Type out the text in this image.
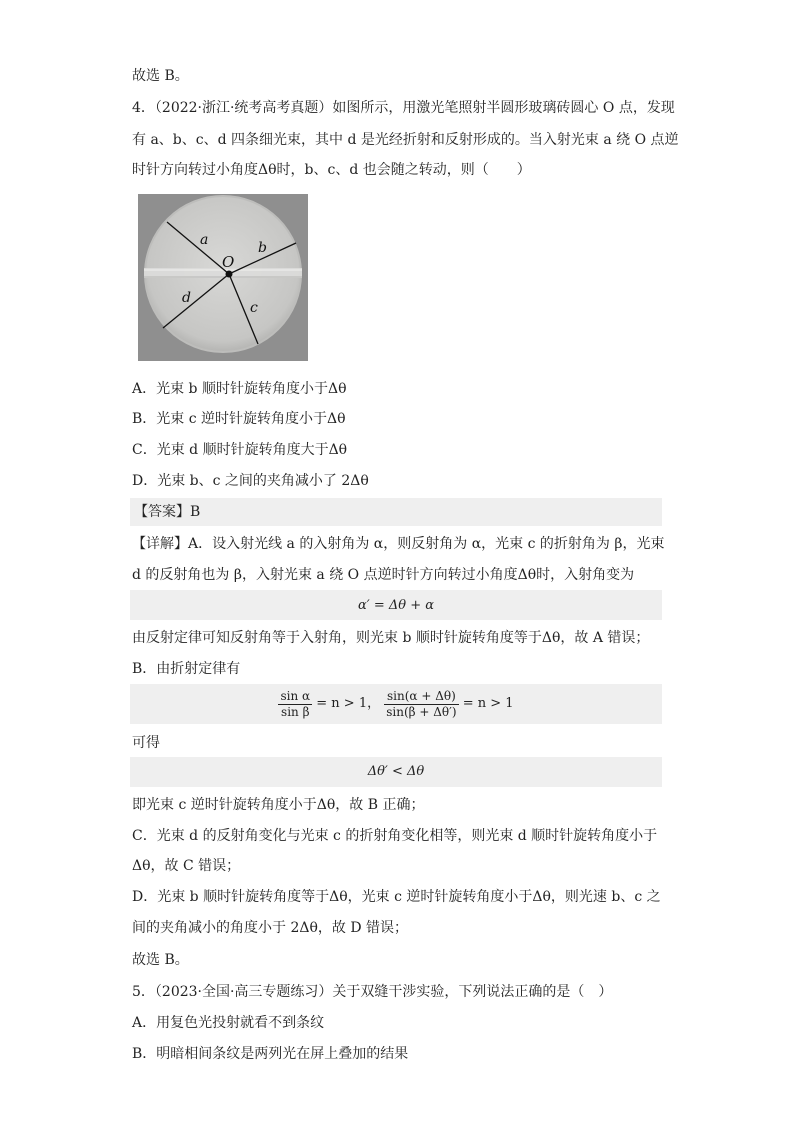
故选 B。
4．（2022·浙江·统考高考真题）如图所示，用激光笔照射半圆形玻璃砖圆心 O 点，发现
有 a、b、c、d 四条细光束，其中 d 是光经折射和反射形成的。当入射光束 a 绕 O 点逆
时针方向转过小角度Δθ时，b、c、d 也会随之转动，则（　　）
a	b
O
d
c
A．光束 b 顺时针旋转角度小于Δθ
B．光束 c 逆时针旋转角度小于Δθ
C．光束 d 顺时针旋转角度大于Δθ
D．光束 b、c 之间的夹角减小了 2Δθ
【答案】B
【详解】A．设入射光线 a 的入射角为 α，则反射角为 α，光束 c 的折射角为 β，光束
d 的反射角也为 β，入射光束 a 绕 O 点逆时针方向转过小角度Δθ时，入射角变为
α′ = Δθ + α
由反射定律可知反射角等于入射角，则光束 b 顺时针旋转角度等于Δθ，故 A 错误；
B．由折射定律有
$\frac{\text{sin α}}{\text{sin β}} = n > 1$， $\frac{\sin(\alpha + \Delta\theta)}{\sin(\beta + \Delta\theta')} = n > 1$
可得
Δθ′ < Δθ
即光束 c 逆时针旋转角度小于Δθ，故 B 正确；
C．光束 d 的反射角变化与光束 c 的折射角变化相等，则光束 d 顺时针旋转角度小于
Δθ，故 C 错误；
D．光束 b 顺时针旋转角度等于Δθ，光束 c 逆时针旋转角度小于Δθ，则光速 b、c 之
间的夹角减小的角度小于 2Δθ，故 D 错误；
故选 B。
5．（2023·全国·高三专题练习）关于双缝干涉实验，下列说法正确的是（　）
A．用复色光投射就看不到条纹
B．明暗相间条纹是两列光在屏上叠加的结果
